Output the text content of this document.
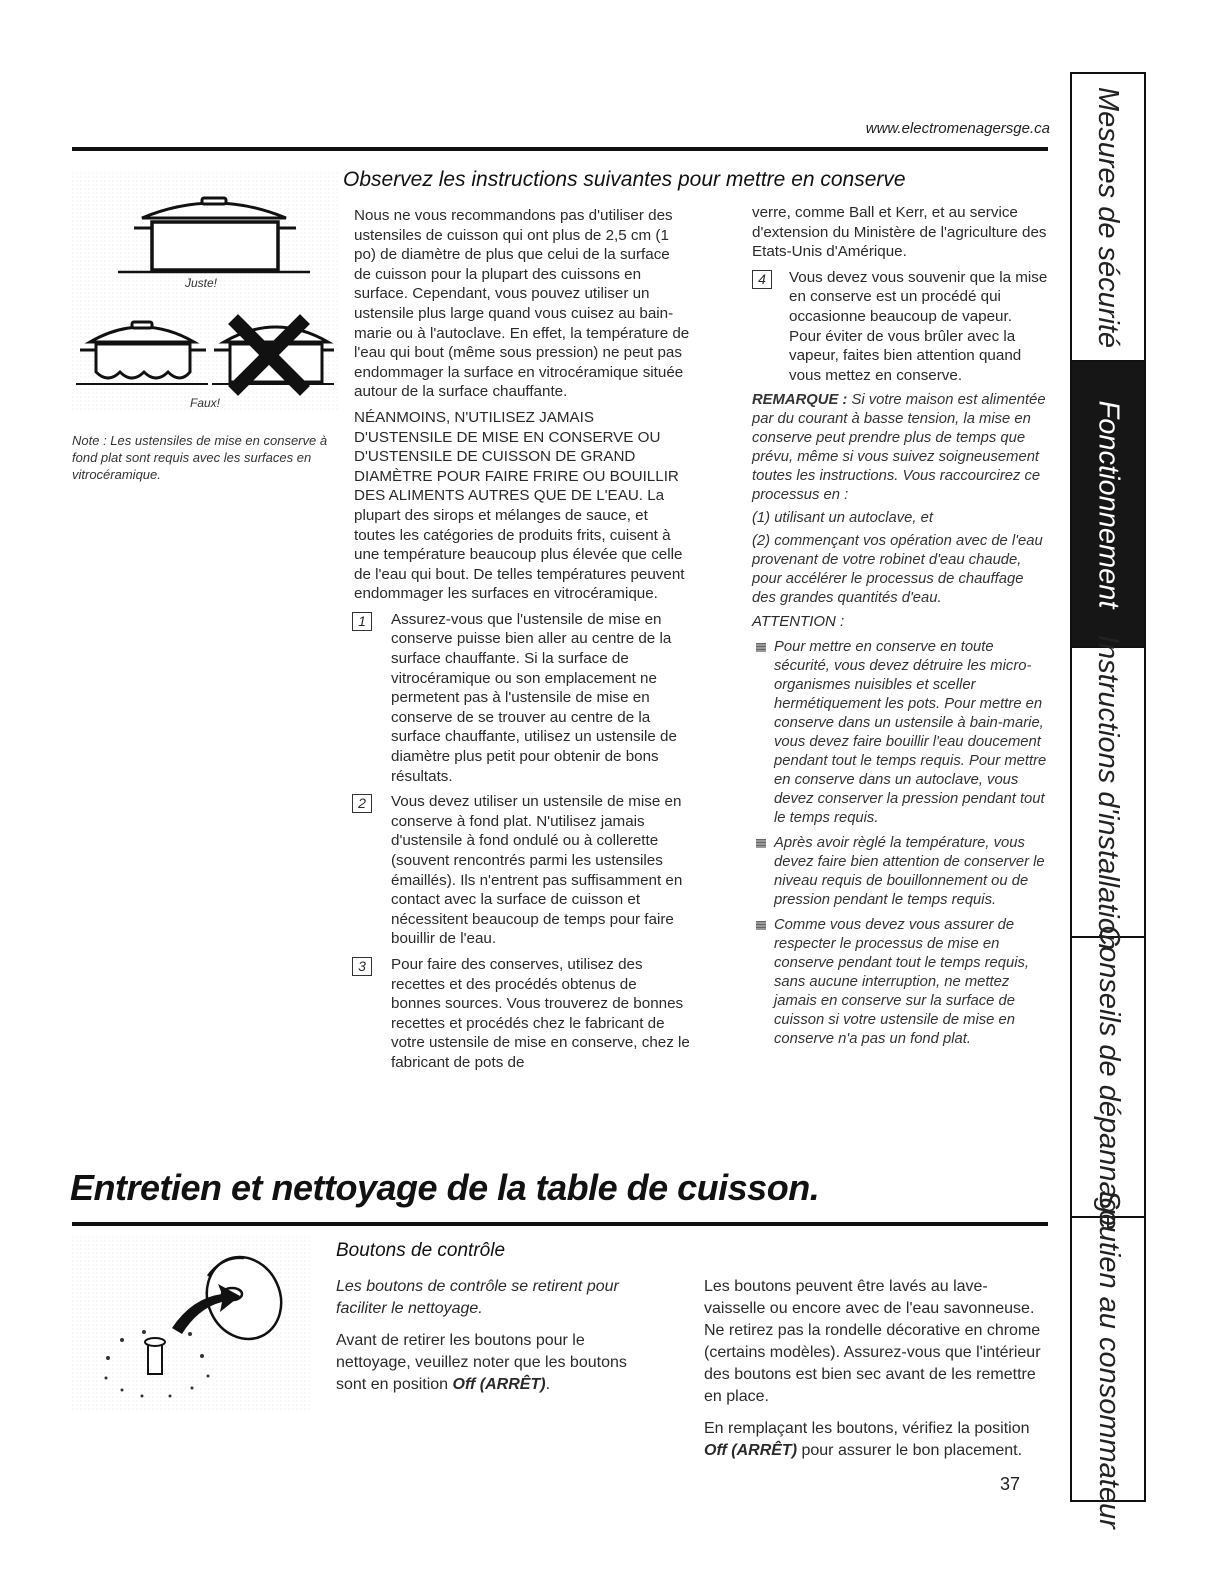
www.electromenagersge.ca
Juste!
Faux!
Note : Les ustensiles de mise en conserve à fond plat sont requis avec les surfaces en vitrocéramique.
Observez les instructions suivantes pour mettre en conserve

Nous ne vous recommandons pas d'utiliser des ustensiles de cuisson qui ont plus de 2,5 cm (1 po) de diamètre de plus que celui de la surface de cuisson pour la plupart des cuissons en surface. Cependant, vous pouvez utiliser un ustensile plus large quand vous cuisez au bain-marie ou à l'autoclave. En effet, la température de l'eau qui bout (même sous pression) ne peut pas endommager la surface en vitrocéramique située autour de la surface chauffante.

NÉANMOINS, N'UTILISEZ JAMAIS D'USTENSILE DE MISE EN CONSERVE OU D'USTENSILE DE CUISSON DE GRAND DIAMÈTRE POUR FAIRE FRIRE OU BOUILLIR DES ALIMENTS AUTRES QUE DE L'EAU. La plupart des sirops et mélanges de sauce, et toutes les catégories de produits frits, cuisent à une température beaucoup plus élevée que celle de l'eau qui bout. De telles températures peuvent endommager les surfaces en vitrocéramique.

1	Assurez-vous que l'ustensile de mise en conserve puisse bien aller au centre de la surface chauffante. Si la surface de vitrocéramique ou son emplacement ne permetent pas à l'ustensile de mise en conserve de se trouver au centre de la surface chauffante, utilisez un ustensile de diamètre plus petit pour obtenir de bons résultats.
2	Vous devez utiliser un ustensile de mise en conserve à fond plat. N'utilisez jamais d'ustensile à fond ondulé ou à collerette (souvent rencontrés parmi les ustensiles émaillés). Ils n'entrent pas suffisamment en contact avec la surface de cuisson et nécessitent beaucoup de temps pour faire bouillir de l'eau.
3	Pour faire des conserves, utilisez des recettes et des procédés obtenus de bonnes sources. Vous trouverez de bonnes recettes et procédés chez le fabricant de votre ustensile de mise en conserve, chez le fabricant de pots de

verre, comme Ball et Kerr, et au service d'extension du Ministère de l'agriculture des Etats-Unis d'Amérique.

4	Vous devez vous souvenir que la mise en conserve est un procédé qui occasionne beaucoup de vapeur. Pour éviter de vous brûler avec la vapeur, faites bien attention quand vous mettez en conserve.
REMARQUE : Si votre maison est alimentée par du courant à basse tension, la mise en conserve peut prendre plus de temps que prévu, même si vous suivez soigneusement toutes les instructions. Vous raccourcirez ce processus en :
(1) utilisant un autoclave, et
(2) commençant vos opération avec de l'eau provenant de votre robinet d'eau chaude, pour accélérer le processus de chauffage des grandes quantités d'eau.
ATTENTION :
Pour mettre en conserve en toute sécurité, vous devez détruire les micro-organismes nuisibles et sceller hermétiquement les pots. Pour mettre en conserve dans un ustensile à bain-marie, vous devez faire bouillir l'eau doucement pendant tout le temps requis. Pour mettre en conserve dans un autoclave, vous devez conserver la pression pendant tout le temps requis.
Après avoir règlé la température, vous devez faire bien attention de conserver le niveau requis de bouillonnement ou de pression pendant le temps requis.
Comme vous devez vous assurer de respecter le processus de mise en conserve pendant tout le temps requis, sans aucune interruption, ne mettez jamais en conserve sur la surface de cuisson si votre ustensile de mise en conserve n'a pas un fond plat.
Entretien et nettoyage de la table de cuisson.
Boutons de contrôle

Les boutons de contrôle se retirent pour faciliter le nettoyage.

Avant de retirer les boutons pour le nettoyage, veuillez noter que les boutons sont en position Off (ARRÊT).

Les boutons peuvent être lavés au lave-vaisselle ou encore avec de l'eau savonneuse. Ne retirez pas la rondelle décorative en chrome (certains modèles). Assurez-vous que l'intérieur des boutons est bien sec avant de les remettre en place.

En remplaçant les boutons, vérifiez la position Off (ARRÊT) pour assurer le bon placement.

37
Mesures de sécurité
Fonctionnement
Instructions d'installation
Conseils de dépannage
Soutien au consommateur
